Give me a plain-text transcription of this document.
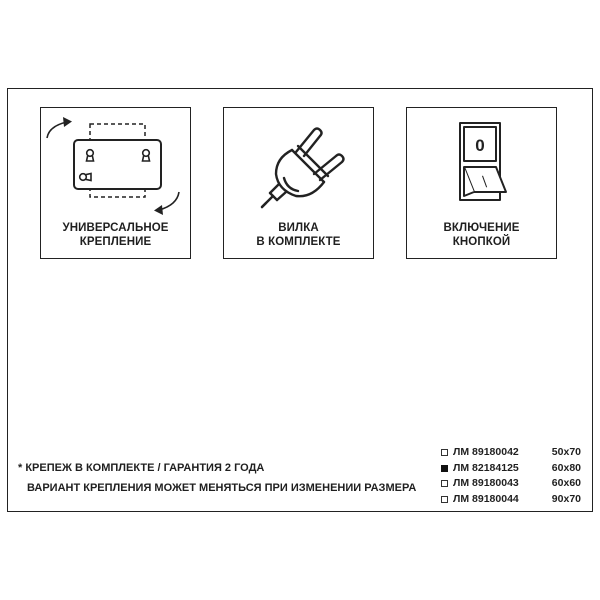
УНИВЕРСАЛЬНОЕ
КРЕПЛЕНИЕ
ВИЛКА
В КОМПЛЕКТЕ
0
|
ВКЛЮЧЕНИЕ
КНОПКОЙ
* КРЕПЕЖ В КОМПЛЕКТЕ / ГАРАНТИЯ 2 ГОДА
ВАРИАНТ КРЕПЛЕНИЯ МОЖЕТ МЕНЯТЬСЯ ПРИ ИЗМЕНЕНИИ РАЗМЕРА
ЛМ 89180042	50x70
ЛМ 82184125	60x80
ЛМ 89180043	60x60
ЛМ 89180044	90x70
